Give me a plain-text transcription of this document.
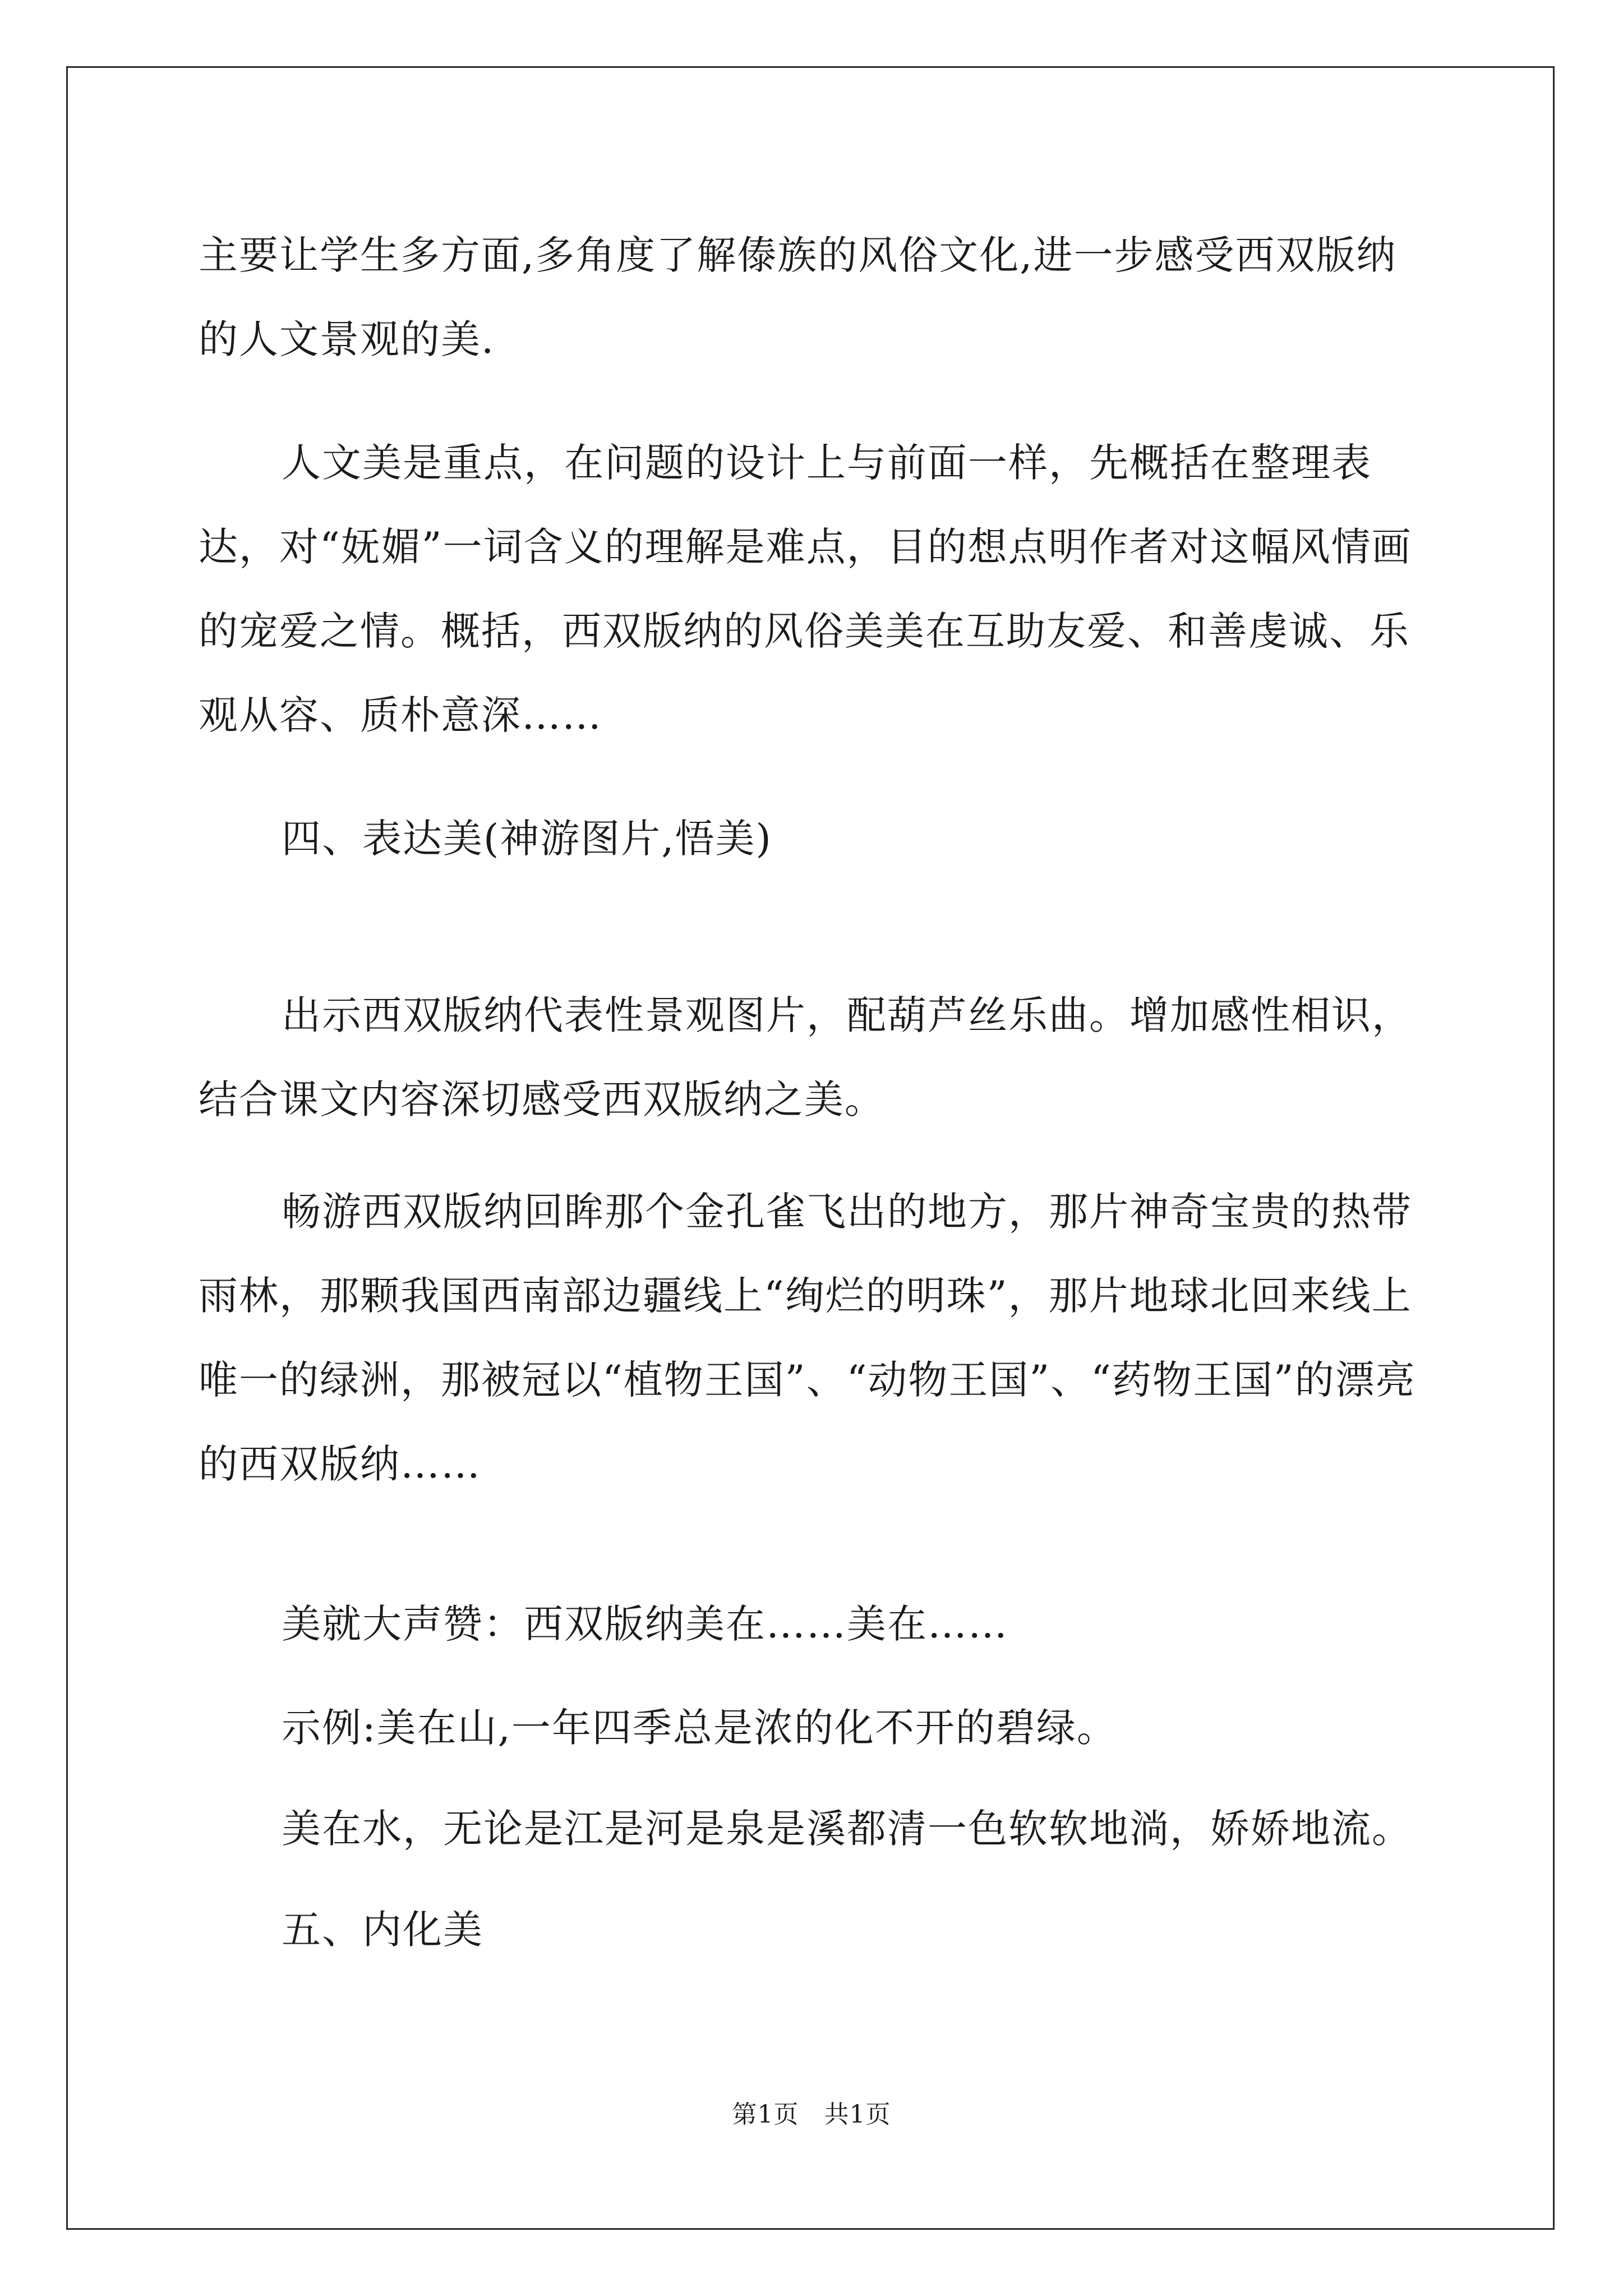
主要让学生多方面,多角度了解傣族的风俗文化,进一步感受西双版纳的人文景观的美.

人文美是重点，在问题的设计上与前面一样，先概括在整理表达，对“妩媚”一词含义的理解是难点，目的想点明作者对这幅风情画的宠爱之情。概括，西双版纳的风俗美美在互助友爱、和善虔诚、乐观从容、质朴意深……

四、表达美(神游图片,悟美)

出示西双版纳代表性景观图片，配葫芦丝乐曲。增加感性相识，结合课文内容深切感受西双版纳之美。

畅游西双版纳回眸那个金孔雀飞出的地方，那片神奇宝贵的热带雨林，那颗我国西南部边疆线上“绚烂的明珠”，那片地球北回来线上唯一的绿洲，那被冠以“植物王国”、“动物王国”、“药物王国”的漂亮的西双版纳……

美就大声赞：西双版纳美在……美在……

示例:美在山,一年四季总是浓的化不开的碧绿。

美在水，无论是江是河是泉是溪都清一色软软地淌，娇娇地流。

五、内化美

第1页　共1页
